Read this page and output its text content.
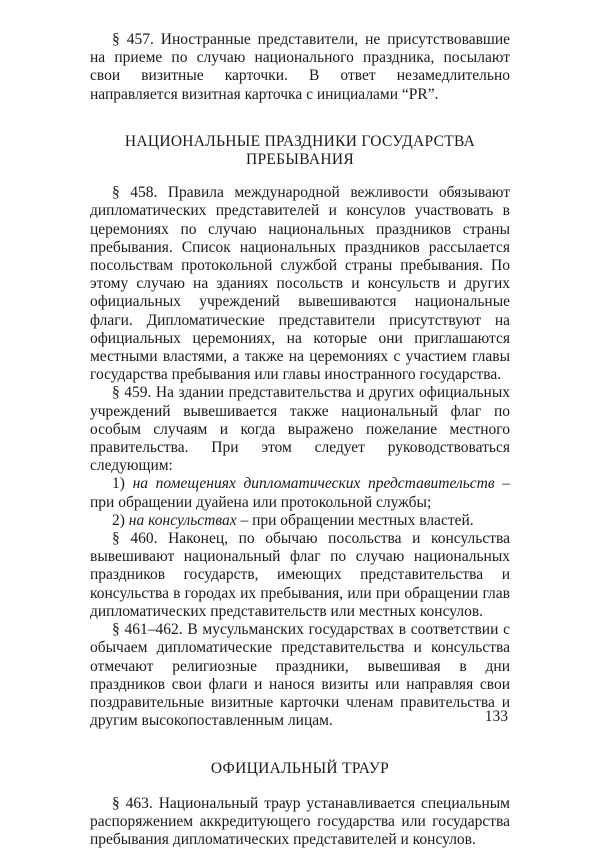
§ 457. Иностранные представители, не присутствовавшие на приеме по случаю национального праздника, посылают свои визитные карточки. В ответ незамедлительно направляется визитная карточка с инициалами “PR”.

НАЦИОНАЛЬНЫЕ ПРАЗДНИКИ ГОСУДАРСТВА ПРЕБЫВАНИЯ

§ 458. Правила международной вежливости обязывают дипломатических представителей и консулов участвовать в церемониях по случаю национальных праздников страны пребывания. Список национальных праздников рассылается посольствам протокольной службой страны пребывания. По этому случаю на зданиях посольств и консульств и других официальных учреждений вывешиваются национальные флаги. Дипломатические представители присутствуют на официальных церемониях, на которые они приглашаются местными властями, а также на церемониях с участием главы государства пребывания или главы иностранного государства.

§ 459. На здании представительства и других официальных учреждений вывешивается также национальный флаг по особым случаям и когда выражено пожелание местного правительства. При этом следует руководствоваться следующим:

1) на помещениях дипломатических представительств – при обращении дуайена или протокольной службы;

2) на консульствах – при обращении местных властей.

§ 460. Наконец, по обычаю посольства и консульства вывешивают национальный флаг по случаю национальных праздников государств, имеющих представительства и консульства в городах их пребывания, или при обращении глав дипломатических представительств или местных консулов.

§ 461–462. В мусульманских государствах в соответствии с обычаем дипломатические представительства и консульства отмечают религиозные праздники, вывешивая в дни праздников свои флаги и нанося визиты или направляя свои поздравительные визитные карточки членам правительства и другим высокопоставленным лицам.

ОФИЦИАЛЬНЫЙ ТРАУР

§ 463. Национальный траур устанавливается специальным распоряжением аккредитующего государства или государства пребывания дипломатических представителей и консулов.

133
